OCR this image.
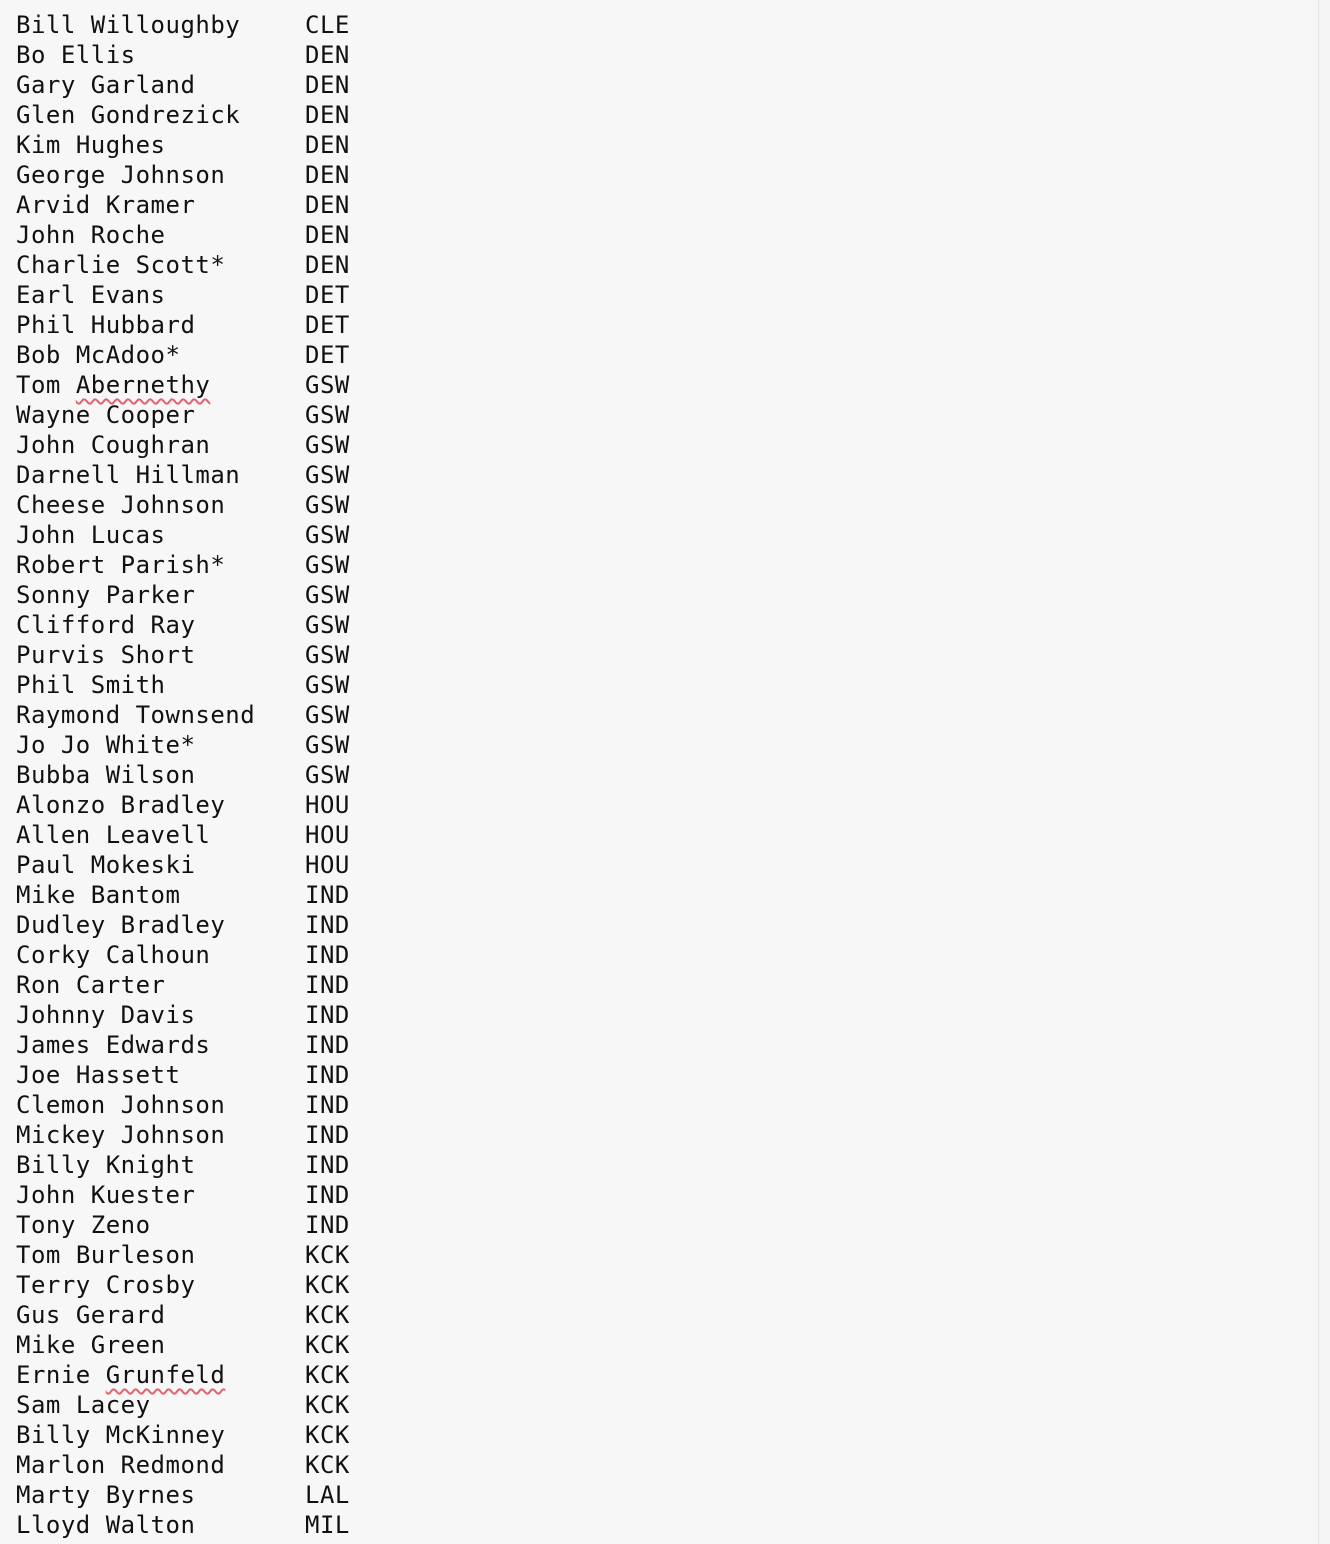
Bill Willoughby	CLE
Bo Ellis	DEN
Gary Garland	DEN
Glen Gondrezick	DEN
Kim Hughes	DEN
George Johnson	DEN
Arvid Kramer	DEN
John Roche	DEN
Charlie Scott*	DEN
Earl Evans	DET
Phil Hubbard	DET
Bob McAdoo*	DET
Tom Abernethy	GSW
Wayne Cooper	GSW
John Coughran	GSW
Darnell Hillman	GSW
Cheese Johnson	GSW
John Lucas	GSW
Robert Parish*	GSW
Sonny Parker	GSW
Clifford Ray	GSW
Purvis Short	GSW
Phil Smith	GSW
Raymond Townsend GSW
Jo Jo White*	GSW
Bubba Wilson	GSW
Alonzo Bradley	HOU
Allen Leavell	HOU
Paul Mokeski	HOU
Mike Bantom	IND
Dudley Bradley	IND
Corky Calhoun	IND
Ron Carter	IND
Johnny Davis	IND
James Edwards	IND
Joe Hassett	IND
Clemon Johnson	IND
Mickey Johnson	IND
Billy Knight	IND
John Kuester	IND
Tony Zeno	IND
Tom Burleson	KCK
Terry Crosby	KCK
Gus Gerard	KCK
Mike Green	KCK
Ernie Grunfeld	KCK
Sam Lacey	KCK
Billy McKinney	KCK
Marlon Redmond	KCK
Marty Byrnes	LAL
Lloyd Walton	MIL
